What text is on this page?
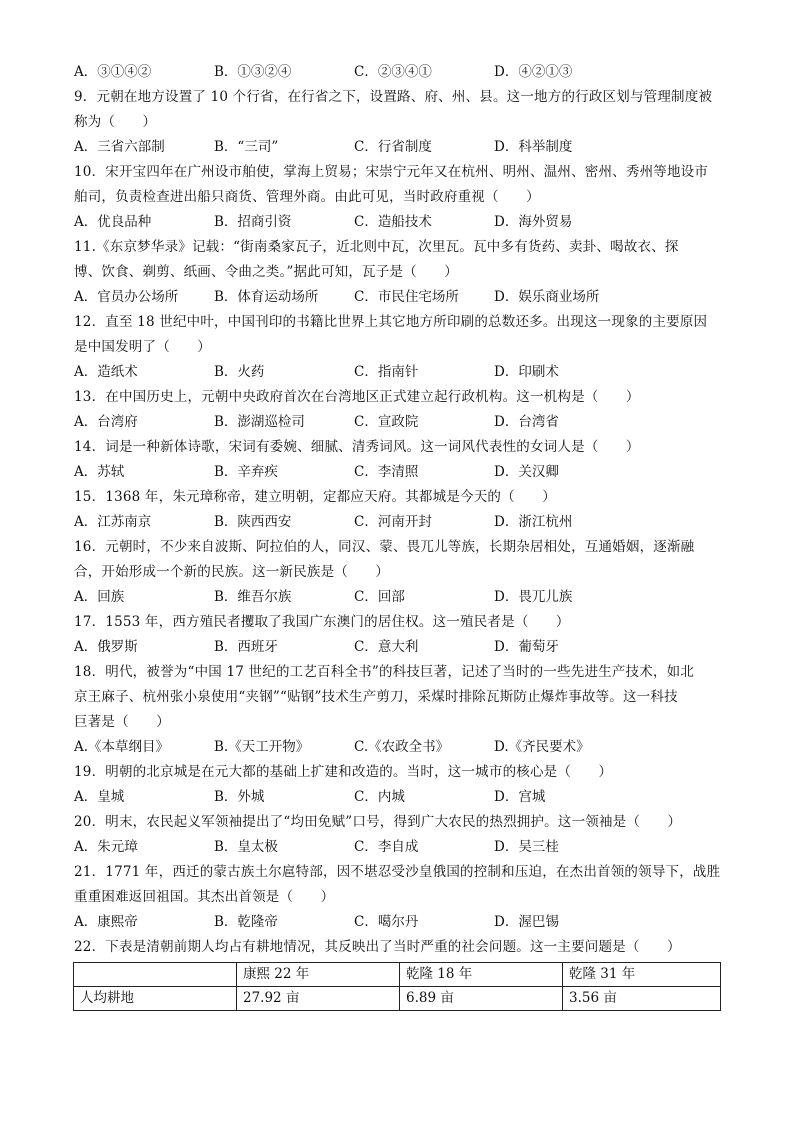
A．③①④②	B．①③②④	C．②③④①	D．④②①③
9．元朝在地方设置了 10 个行省，在行省之下，设置路、府、州、县。这一地方的行政区划与管理制度被
称为（　　）
A．三省六部制	B．“三司”	C．行省制度	D．科举制度
10．宋开宝四年在广州设市舶使，掌海上贸易；宋崇宁元年又在杭州、明州、温州、密州、秀州等地设市
舶司，负责检查进出船只商货、管理外商。由此可见，当时政府重视（　　）
A．优良品种	B．招商引资	C．造船技术	D．海外贸易
11.《东京梦华录》记载：“街南桑家瓦子，近北则中瓦，次里瓦。瓦中多有货药、卖卦、喝故衣、探
博、饮食、剃剪、纸画、令曲之类。”据此可知，瓦子是（　　）
A．官员办公场所	B．体育运动场所	C．市民住宅场所	D．娱乐商业场所
12．直至 18 世纪中叶，中国刊印的书籍比世界上其它地方所印刷的总数还多。出现这一现象的主要原因
是中国发明了（　　）
A．造纸术	B．火药	C．指南针	D．印刷术
13．在中国历史上，元朝中央政府首次在台湾地区正式建立起行政机构。这一机构是（　　）
A．台湾府	B．澎湖巡检司	C．宣政院	D．台湾省
14．词是一种新体诗歌，宋词有委婉、细腻、清秀词风。这一词风代表性的女词人是（　　）
A．苏轼	B．辛弃疾	C．李清照	D．关汉卿
15．1368 年，朱元璋称帝，建立明朝，定都应天府。其都城是今天的（　　）
A．江苏南京	B．陕西西安	C．河南开封	D．浙江杭州
16．元朝时，不少来自波斯、阿拉伯的人，同汉、蒙、畏兀儿等族，长期杂居相处，互通婚姻，逐渐融
合，开始形成一个新的民族。这一新民族是（　　）
A．回族	B．维吾尔族	C．回部	D．畏兀儿族
17．1553 年，西方殖民者攫取了我国广东澳门的居住权。这一殖民者是（　　）
A．俄罗斯	B．西班牙	C．意大利	D．葡萄牙
18．明代，被誉为“中国 17 世纪的工艺百科全书”的科技巨著，记述了当时的一些先进生产技术，如北
京王麻子、杭州张小泉使用“夹钢”“贴钢”技术生产剪刀，采煤时排除瓦斯防止爆炸事故等。这一科技
巨著是（　　）
A.《本草纲目》	B.《天工开物》	C.《农政全书》	D.《齐民要术》
19．明朝的北京城是在元大都的基础上扩建和改造的。当时，这一城市的核心是（　　）
A．皇城	B．外城	C．内城	D．宫城
20．明末，农民起义军领袖提出了“均田免赋”口号，得到广大农民的热烈拥护。这一领袖是（　　）
A．朱元璋	B．皇太极	C．李自成	D．吴三桂
21．1771 年，西迁的蒙古族土尔扈特部，因不堪忍受沙皇俄国的控制和压迫，在杰出首领的领导下，战胜
重重困难返回祖国。其杰出首领是（　　）
A．康熙帝	B．乾隆帝	C．噶尔丹	D．渥巴锡
22．下表是清朝前期人均占有耕地情况，其反映出了当时严重的社会问题。这一主要问题是（　　）
	康熙 22 年	乾隆 18 年	乾隆 31 年
人均耕地	27.92 亩	6.89 亩	3.56 亩
